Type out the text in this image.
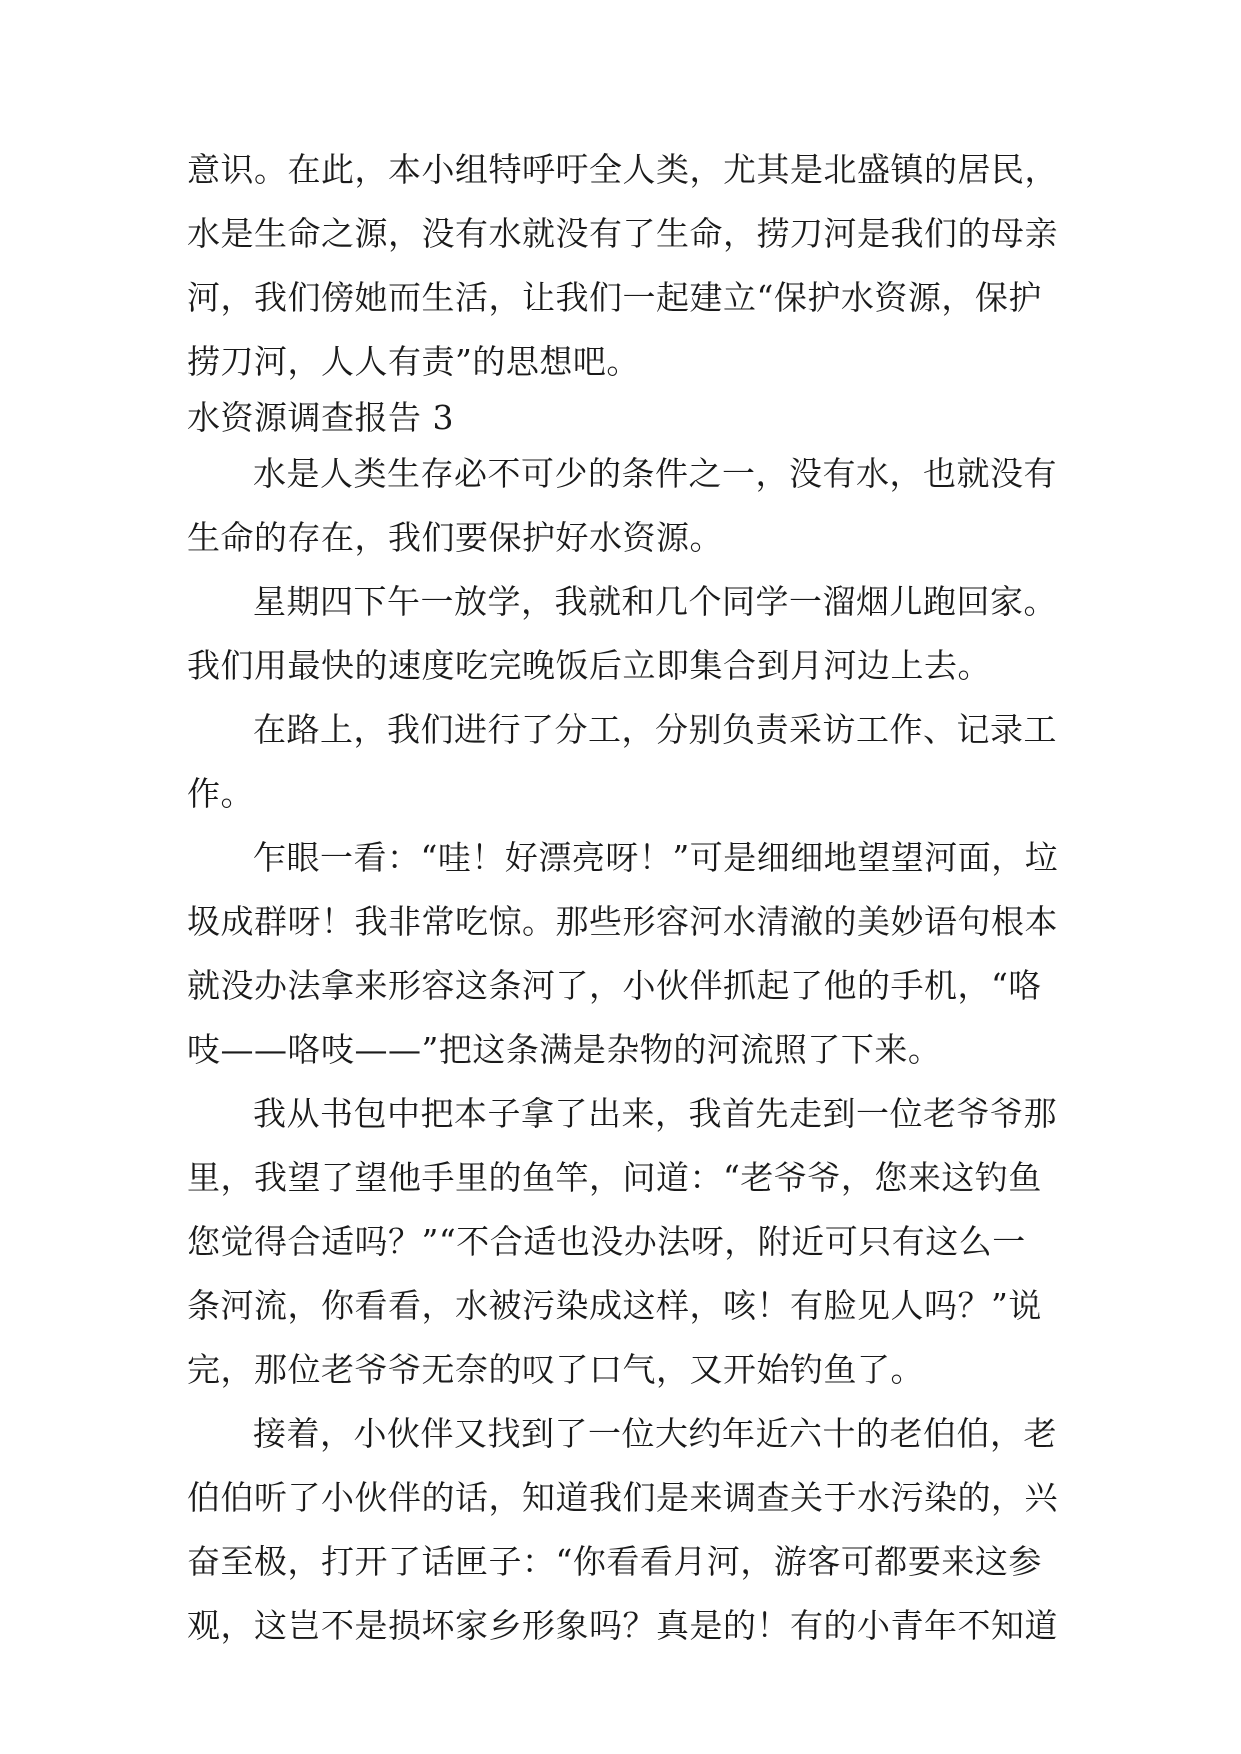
意识。在此，本小组特呼吁全人类，尤其是北盛镇的居民，
水是生命之源，没有水就没有了生命，捞刀河是我们的母亲
河，我们傍她而生活，让我们一起建立“保护水资源，保护
捞刀河，人人有责”的思想吧。
水资源调查报告 3
水是人类生存必不可少的条件之一，没有水，也就没有
生命的存在，我们要保护好水资源。
星期四下午一放学，我就和几个同学一溜烟儿跑回家。
我们用最快的速度吃完晚饭后立即集合到月河边上去。
在路上，我们进行了分工，分别负责采访工作、记录工
作。
乍眼一看：“哇！好漂亮呀！”可是细细地望望河面，垃
圾成群呀！我非常吃惊。那些形容河水清澈的美妙语句根本
就没办法拿来形容这条河了，小伙伴抓起了他的手机，“咯
吱——咯吱——”把这条满是杂物的河流照了下来。
我从书包中把本子拿了出来，我首先走到一位老爷爷那
里，我望了望他手里的鱼竿，问道：“老爷爷，您来这钓鱼
您觉得合适吗？”“不合适也没办法呀，附近可只有这么一
条河流，你看看，水被污染成这样，咳！有脸见人吗？”说
完，那位老爷爷无奈的叹了口气，又开始钓鱼了。
接着，小伙伴又找到了一位大约年近六十的老伯伯，老
伯伯听了小伙伴的话，知道我们是来调查关于水污染的，兴
奋至极，打开了话匣子：“你看看月河，游客可都要来这参
观，这岂不是损坏家乡形象吗？真是的！有的小青年不知道
